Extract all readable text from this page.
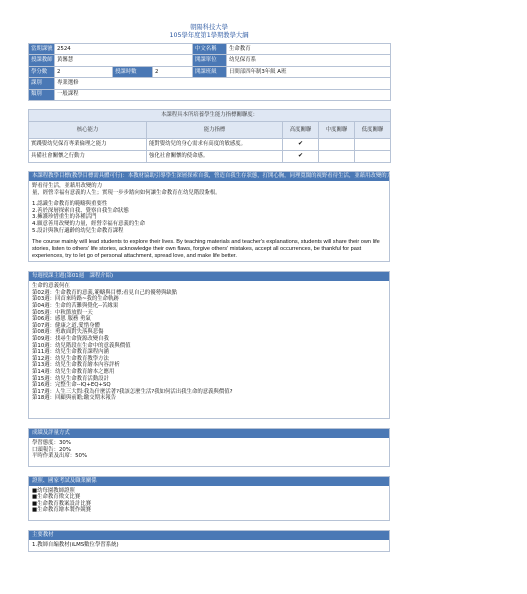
朝陽科技大學
105學年度第1學期教學大綱
當期課號	2524			中文名稱	生命教育
授課教師	黃馨慧			開課單位	幼兒保育系
學分數	2	授課時數	2	開課班級	日間部四年制3年級 A班
課別	專業選修				
類別	一般課程				
本課程具本所培養學生能力指標關聯度：				
核心能力	能力指標	高度關聯	中度關聯	低度關聯
實踐嬰幼兒保育專業倫理之能力	能對嬰幼兒的身心需求有高度的敏感度。	✔		
具備社會關懷之行動力	強化社會關懷的使命感。	✔		
本課程教學目標(教學目標需具體可行)：本教材協助引導學生深層探索自我，營造自我生存狀態，打開心胸，同理寬闊的視野看待生活，並藉用改變的力量，經營幸福有意義的人生；實現一步步踏向理想的人生
野看待生活，並藉用改變的力
量，經營幸福有意義的人生；實現一步步踏向如何讓生命教育在幼兒階段紮根。
1.認識生命教育的範疇與重要性
2.善於深層探索自我、覺察自我生命狀態
3.擁護珍惜重生的各種活門
4.願意善用改變的力量，經營幸福有意義的生命
5.設計與執行適齡的幼兒生命教育課程
The course mainly will lead students to explore their lives. By teaching materials and teacher's explanations, students will share their own life stories, listen to others' life stories, acknowledge their own flaws, forgive others' mistakes, accept all occurrences, be thankful for past experiences, try to let go of personal attachment, spread love, and make life better.
每週授課主題(第01週　課程介紹)
生命的意義何在
第02週：生命教育的意義,範疇與目標;看見自己的優勢與缺點
第03週：回首來時路~我的生命軌跡
第04週：生命的苦難與覺化--苦緣果
第05週：中秋節放假一天
第06週：感恩 服務 勇氣
第07週：健康之道,愛惜身體
第08週：勇敢面對失落與悲傷
第09週：找尋生命資源改變自我
第10週：幼兒階段在生命中的意義與價值
第11週：幼兒生命教育課程內涵
第12週：幼兒生命教育教學方法
第13週：幼兒生命教育繪本內容評析
第14週：幼兒生命教育繪本之應用
第15週：幼兒生命教育活動設計
第16週：完整生命--IQ+EQ+SQ
第17週：人生三大問:我為什麼活著?我該怎麼生活?我如何活出我生命的意義與價值?
第18週：回顧與前瞻;繳交期末報告
成績及評量方式
學習態度：30%
口頭報告：20%
平時作業及出席：50%
證照、國家考試及職業關係
■幼每園教師證照
■生命教育徵文比賽
■生命教育教案設計比賽
■生命教育繪本製作競賽
主要教材
1.教師自編教材(iLMS數位學習系統)
